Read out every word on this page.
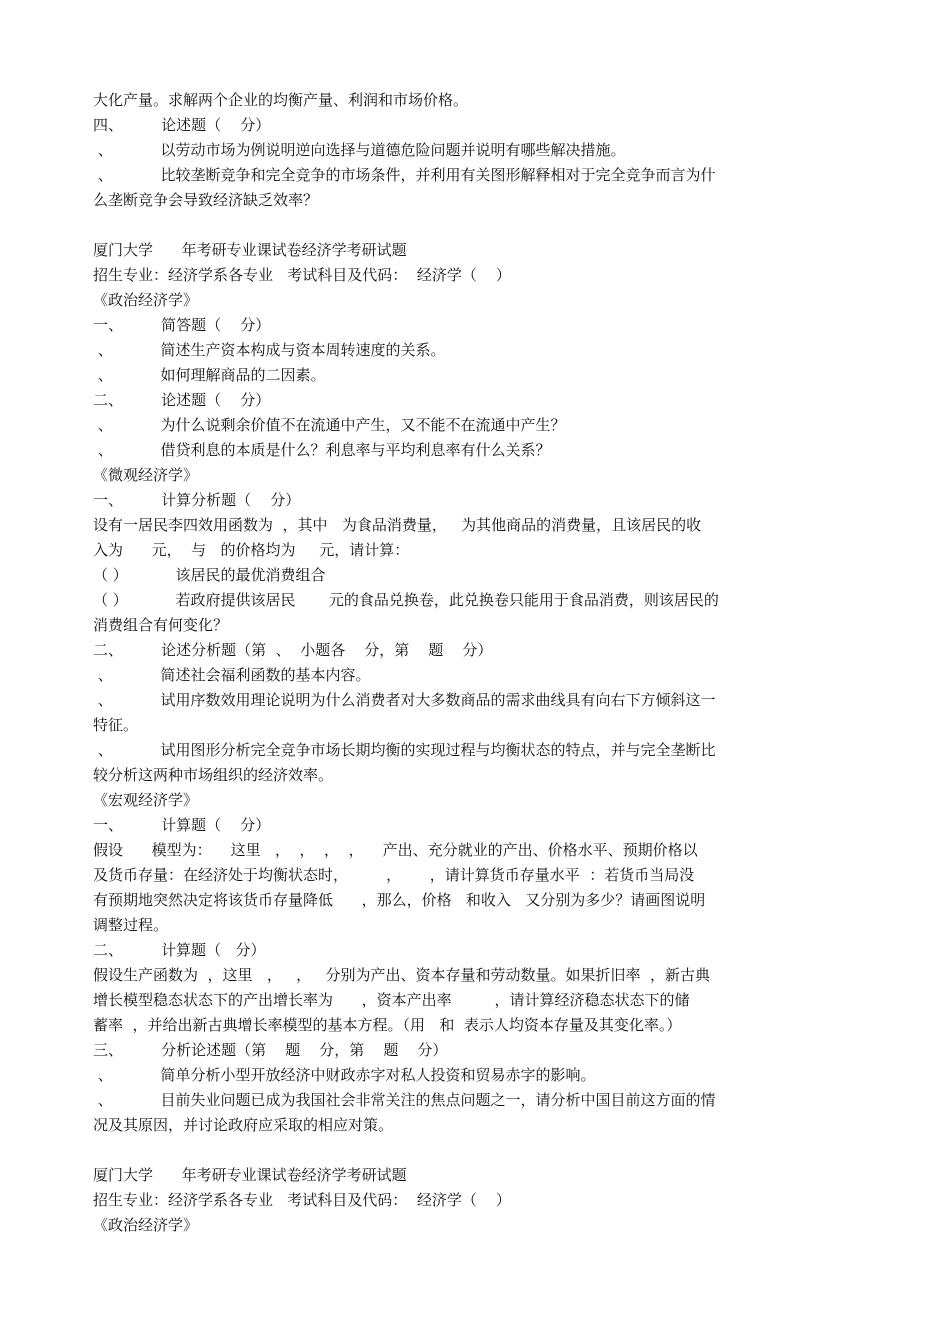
大化产量。求解两个企业的均衡产量、利润和市场价格。
四、        论述题（    分）
、          以劳动市场为例说明逆向选择与道德危险问题并说明有哪些解决措施。
、          比较垄断竞争和完全竞争的市场条件，并利用有关图形解释相对于完全竞争而言为什
么垄断竞争会导致经济缺乏效率？
厦门大学      年考研专业课试卷经济学考研试题
招生专业：经济学系各专业   考试科目及代码：  经济学（    ）
《政治经济学》
一、        简答题（    分）
、          简述生产资本构成与资本周转速度的关系。
、          如何理解商品的二因素。
二、        论述题（    分）
、          为什么说剩余价值不在流通中产生，又不能不在流通中产生？
、          借贷利息的本质是什么？利息率与平均利息率有什么关系？
《微观经济学》
一、        计算分析题（    分）
设有一居民李四效用函数为  ，其中   为食品消费量，   为其他商品的消费量，且该居民的收
入为      元，  与   的价格均为     元，请计算：
（ ）          该居民的最优消费组合
（ ）          若政府提供该居民       元的食品兑换卷，此兑换卷只能用于食品消费，则该居民的
消费组合有何变化？
二、        论述分析题（第  、  小题各    分，第    题    分）
、          简述社会福利函数的基本内容。
、          试用序数效用理论说明为什么消费者对大多数商品的需求曲线具有向右下方倾斜这一
特征。
、          试用图形分析完全竞争市场长期均衡的实现过程与均衡状态的特点，并与完全垄断比
较分析这两种市场组织的经济效率。
《宏观经济学》
一、        计算题（    分）
假设      模型为：    这里   ，  ，  ，  ，    产出、充分就业的产出、价格水平、预期价格以
及货币存量：在经济处于均衡状态时，        ，      ，请计算货币存量水平  ：若货币当局没
有预期地突然决定将该货币存量降低      ，那么，价格   和收入   又分别为多少？请画图说明
调整过程。
二、        计算题（   分）
假设生产函数为  ，这里   ，   ，   分别为产出、资本存量和劳动数量。如果折旧率  ，新古典
增长模型稳态状态下的产出增长率为      ，资本产出率         ，请计算经济稳态状态下的储
蓄率  ，并给出新古典增长率模型的基本方程。（用   和  表示人均资本存量及其变化率。）
三、        分析论述题（第    题    分，第    题    分）
、          简单分析小型开放经济中财政赤字对私人投资和贸易赤字的影响。
、          目前失业问题已成为我国社会非常关注的焦点问题之一，请分析中国目前这方面的情
况及其原因，并讨论政府应采取的相应对策。
厦门大学      年考研专业课试卷经济学考研试题
招生专业：经济学系各专业   考试科目及代码：  经济学（    ）
《政治经济学》
